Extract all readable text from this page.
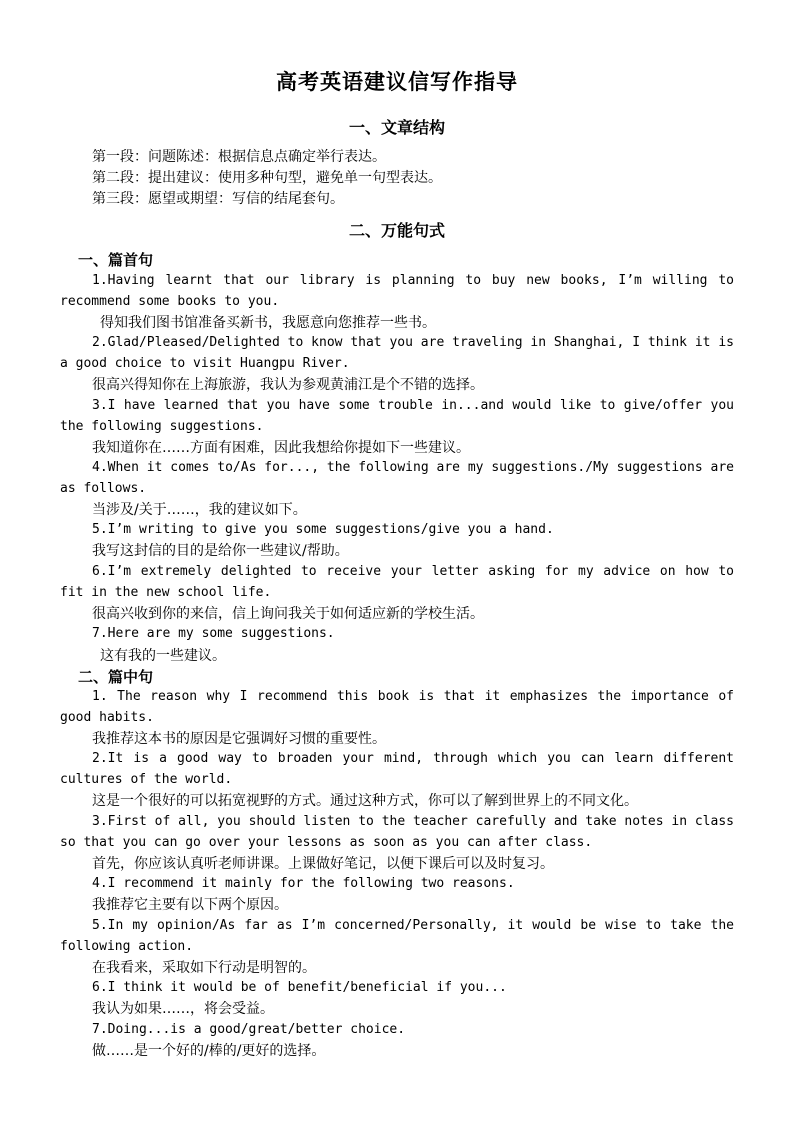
高考英语建议信写作指导
一、文章结构
第一段：问题陈述：根据信息点确定举行表达。
第二段：提出建议：使用多种句型，避免单一句型表达。
第三段：愿望或期望：写信的结尾套句。
二、万能句式
一、篇首句

1.Having learnt that our library is planning to buy new books, I’m willing to recommend some books to you.

得知我们图书馆准备买新书，我愿意向您推荐一些书。

2.Glad/Pleased/Delighted to know that you are traveling in Shanghai, I think it is a good choice to visit Huangpu River.

很高兴得知你在上海旅游，我认为参观黄浦江是个不错的选择。

3.I have learned that you have some trouble in...and would like to give/offer you the following suggestions.

我知道你在……方面有困难，因此我想给你提如下一些建议。

4.When it comes to/As for..., the following are my suggestions./My suggestions are as follows.

当涉及/关于……，我的建议如下。

5.I’m writing to give you some suggestions/give you a hand.

我写这封信的目的是给你一些建议/帮助。

6.I’m extremely delighted to receive your letter asking for my advice on how to fit in the new school life.

很高兴收到你的来信，信上询问我关于如何适应新的学校生活。

7.Here are my some suggestions.

这有我的一些建议。
二、篇中句

1. The reason why I recommend this book is that it emphasizes the importance of good habits.

我推荐这本书的原因是它强调好习惯的重要性。

2.It is a good way to broaden your mind, through which you can learn different cultures of the world.

这是一个很好的可以拓宽视野的方式。通过这种方式，你可以了解到世界上的不同文化。

3.First of all, you should listen to the teacher carefully and take notes in class so that you can go over your lessons as soon as you can after class.

首先，你应该认真听老师讲课。上课做好笔记，以便下课后可以及时复习。

4.I recommend it mainly for the following two reasons.

我推荐它主要有以下两个原因。

5.In my opinion/As far as I’m concerned/Personally, it would be wise to take the following action.

在我看来，采取如下行动是明智的。

6.I think it would be of benefit/beneficial if you...

我认为如果……，将会受益。

7.Doing...is a good/great/better choice.

做……是一个好的/棒的/更好的选择。
